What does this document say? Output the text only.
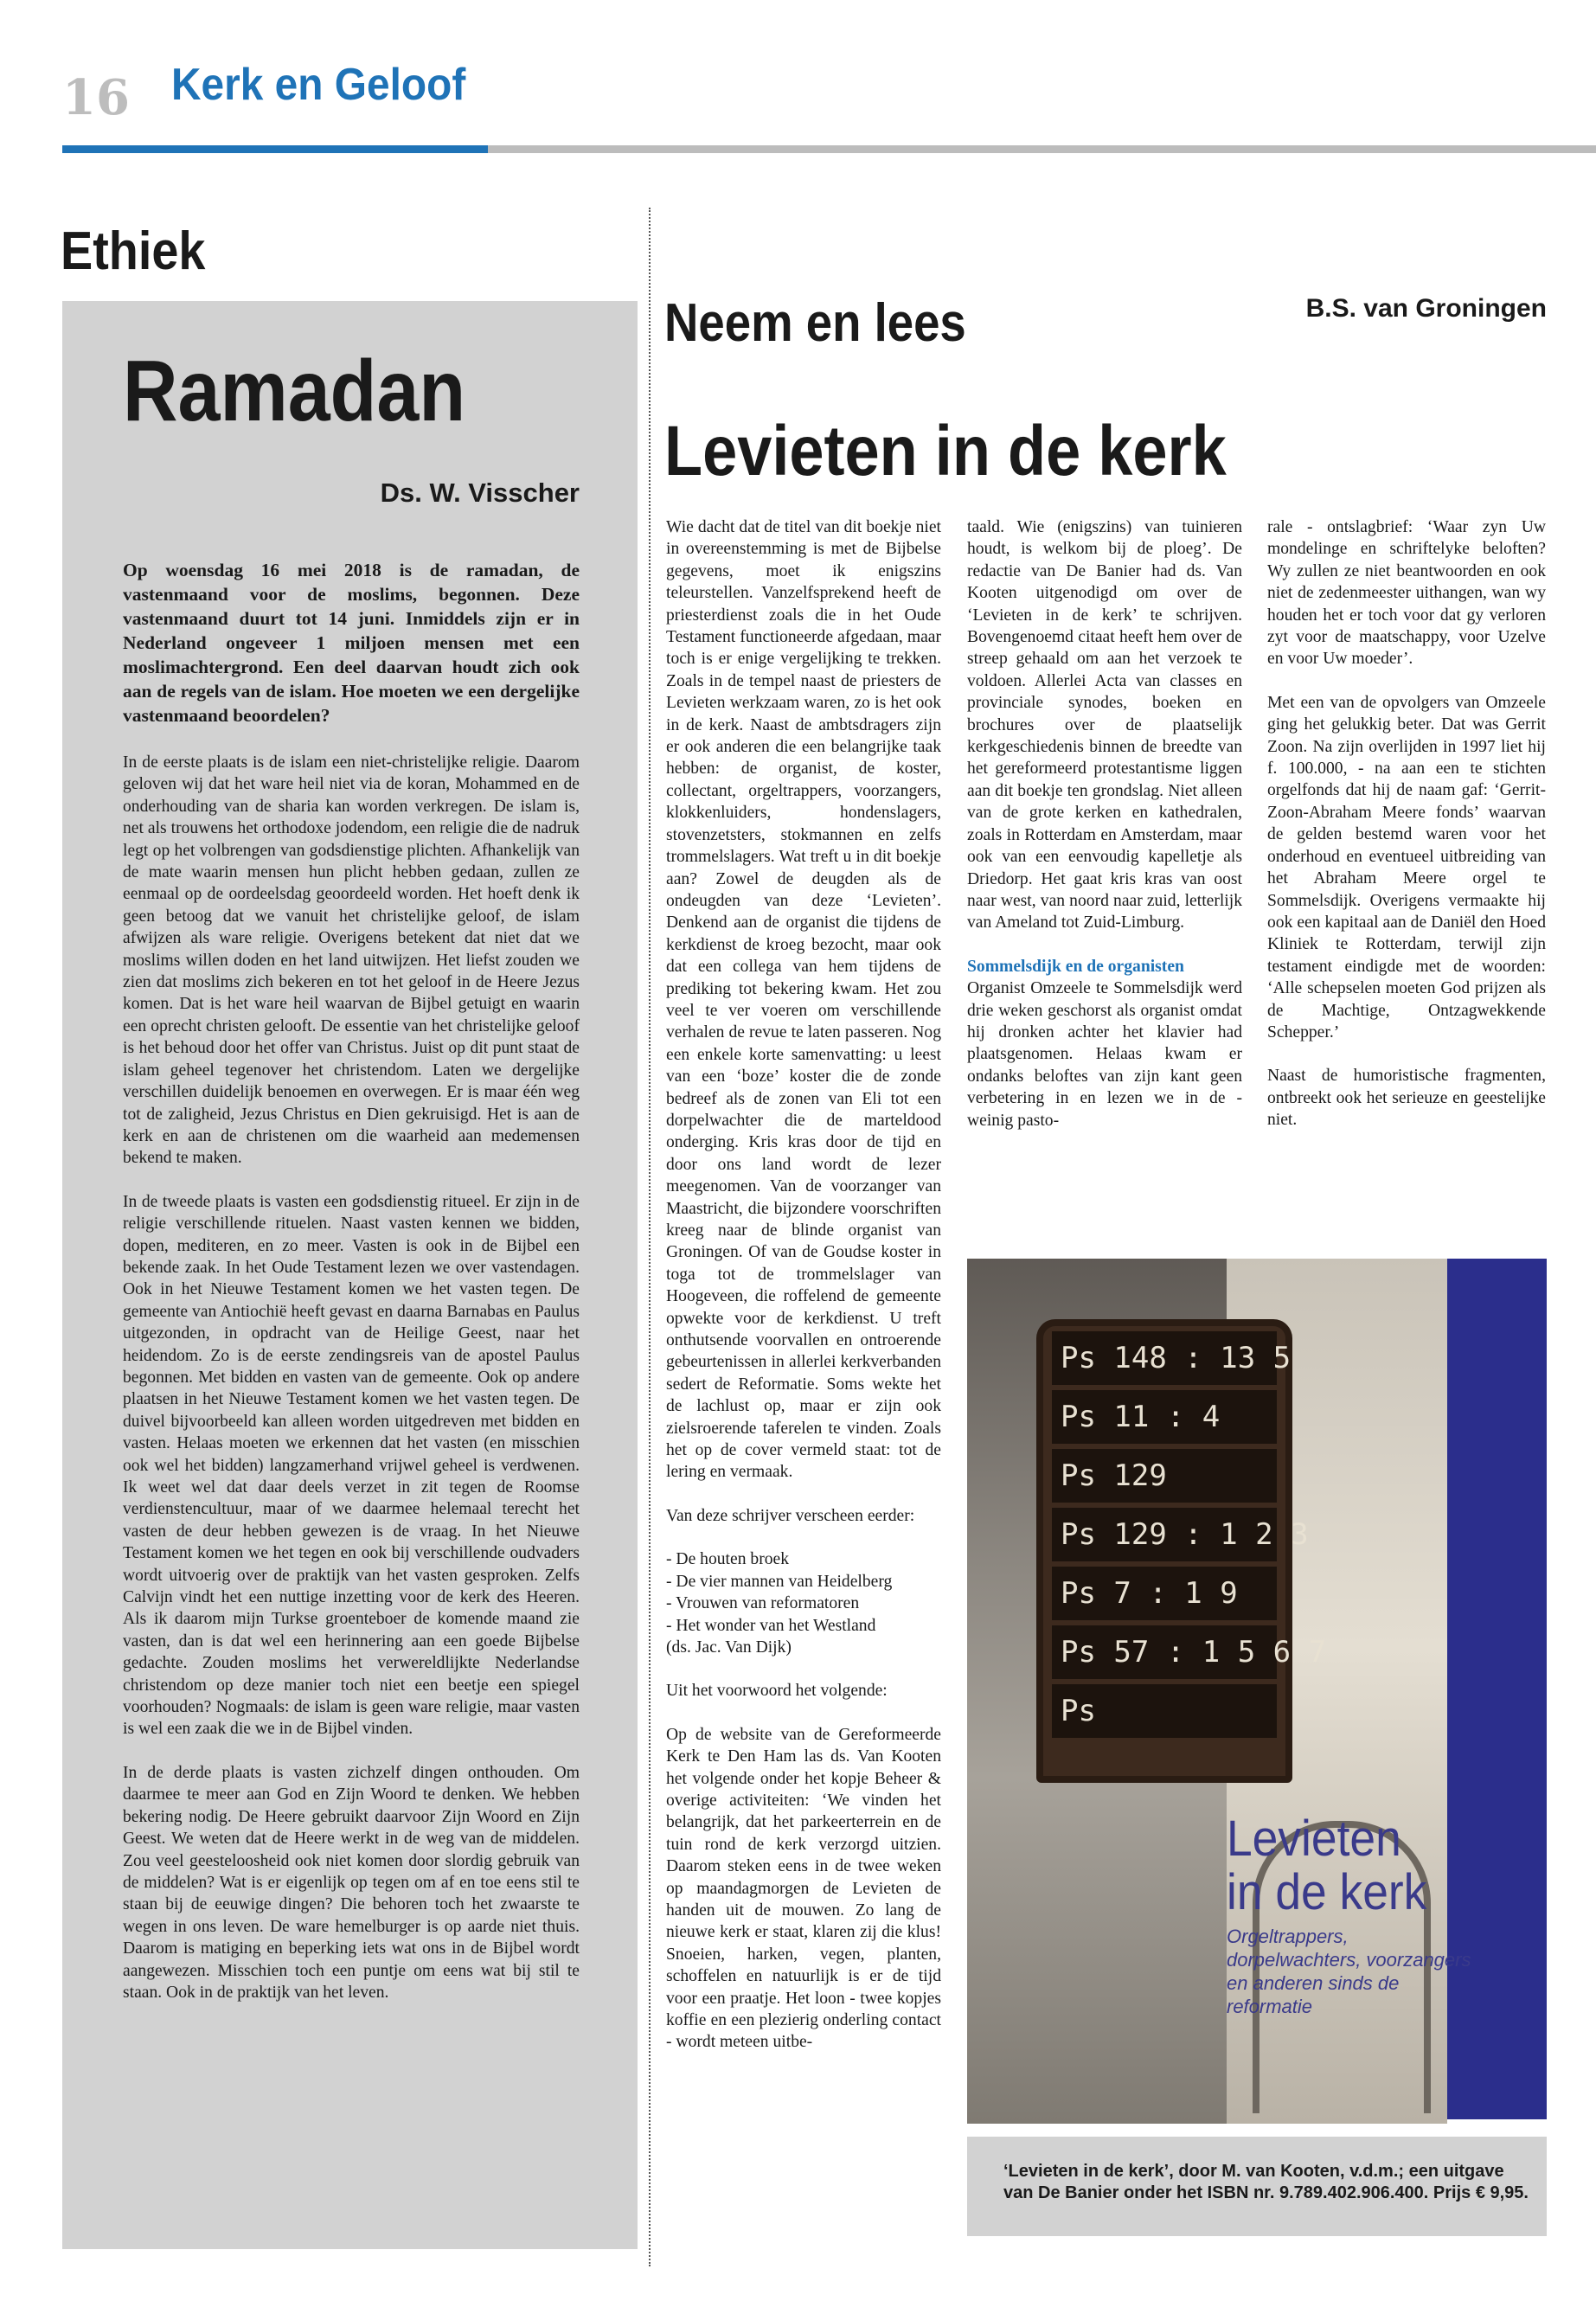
16 Kerk en Geloof
Ethiek
Ramadan
Ds. W. Visscher

Op woensdag 16 mei 2018 is de ramadan, de vastenmaand voor de moslims, begonnen. Deze vastenmaand duurt tot 14 juni. Inmiddels zijn er in Nederland ongeveer 1 miljoen mensen met een moslimachtergrond. Een deel daarvan houdt zich ook aan de regels van de islam. Hoe moeten we een dergelijke vastenmaand beoordelen?

In de eerste plaats is de islam een niet-christelijke religie. Daarom geloven wij dat het ware heil niet via de koran, Mohammed en de onderhouding van de sharia kan worden verkregen. De islam is, net als trouwens het orthodoxe jodendom, een religie die de nadruk legt op het volbrengen van godsdienstige plichten. Afhankelijk van de mate waarin mensen hun plicht hebben gedaan, zullen ze eenmaal op de oordeelsdag geoordeeld worden. Het hoeft denk ik geen betoog dat we vanuit het christelijke geloof, de islam afwijzen als ware religie. Overigens betekent dat niet dat we moslims willen doden en het land uitwijzen. Het liefst zouden we zien dat moslims zich bekeren en tot het geloof in de Heere Jezus komen. Dat is het ware heil waarvan de Bijbel getuigt en waarin een oprecht christen gelooft. De essentie van het christelijke geloof is het behoud door het offer van Christus. Juist op dit punt staat de islam geheel tegenover het christendom. Laten we dergelijke verschillen duidelijk benoemen en overwegen. Er is maar één weg tot de zaligheid, Jezus Christus en Dien gekruisigd. Het is aan de kerk en aan de christenen om die waarheid aan medemensen bekend te maken.

In de tweede plaats is vasten een godsdienstig ritueel. Er zijn in de religie verschillende rituelen. Naast vasten kennen we bidden, dopen, mediteren, en zo meer. Vasten is ook in de Bijbel een bekende zaak. In het Oude Testament lezen we over vastendagen. Ook in het Nieuwe Testament komen we het vasten tegen. De gemeente van Antiochië heeft gevast en daarna Barnabas en Paulus uitgezonden, in opdracht van de Heilige Geest, naar het heidendom. Zo is de eerste zendingsreis van de apostel Paulus begonnen. Met bidden en vasten van de gemeente. Ook op andere plaatsen in het Nieuwe Testament komen we het vasten tegen. De duivel bijvoorbeeld kan alleen worden uitgedreven met bidden en vasten. Helaas moeten we erkennen dat het vasten (en misschien ook wel het bidden) langzamerhand vrijwel geheel is verdwenen. Ik weet wel dat daar deels verzet in zit tegen de Roomse verdienstencultuur, maar of we daarmee helemaal terecht het vasten de deur hebben gewezen is de vraag. In het Nieuwe Testament komen we het tegen en ook bij verschillende oudvaders wordt uitvoerig over de praktijk van het vasten gesproken. Zelfs Calvijn vindt het een nuttige inzetting voor de kerk des Heeren. Als ik daarom mijn Turkse groenteboer de komende maand zie vasten, dan is dat wel een herinnering aan een goede Bijbelse gedachte. Zouden moslims het verwereldlijkte Nederlandse christendom op deze manier toch niet een beetje een spiegel voorhouden? Nogmaals: de islam is geen ware religie, maar vasten is wel een zaak die we in de Bijbel vinden.

In de derde plaats is vasten zichzelf dingen onthouden. Om daarmee te meer aan God en Zijn Woord te denken. We hebben bekering nodig. De Heere gebruikt daarvoor Zijn Woord en Zijn Geest. We weten dat de Heere werkt in de weg van de middelen. Zou veel geesteloosheid ook niet komen door slordig gebruik van de middelen? Wat is er eigenlijk op tegen om af en toe eens stil te staan bij de eeuwige dingen? Die behoren toch het zwaarste te wegen in ons leven. De ware hemelburger is op aarde niet thuis. Daarom is matiging en beperking iets wat ons in de Bijbel wordt aangewezen. Misschien toch een puntje om eens wat bij stil te staan. Ook in de praktijk van het leven.

Neem en lees	B.S. van Groningen
Levieten in de kerk

Wie dacht dat de titel van dit boekje niet in overeenstemming is met de Bijbelse gegevens, moet ik enigszins teleurstellen. Vanzelfsprekend heeft de priesterdienst zoals die in het Oude Testament functioneerde afgedaan, maar toch is er enige vergelijking te trekken. Zoals in de tempel naast de priesters de Levieten werkzaam waren, zo is het ook in de kerk. Naast de ambtsdragers zijn er ook anderen die een belangrijke taak hebben: de organist, de koster, collectant, orgeltrappers, voorzangers, klokkenluiders, hondenslagers, stovenzetsters, stokmannen en zelfs trommelslagers. Wat treft u in dit boekje aan? Zowel de deugden als de ondeugden van deze ‘Levieten’. Denkend aan de organist die tijdens de kerkdienst de kroeg bezocht, maar ook dat een collega van hem tijdens de prediking tot bekering kwam. Het zou veel te ver voeren om verschillende verhalen de revue te laten passeren. Nog een enkele korte samenvatting: u leest van een ‘boze’ koster die de zonde bedreef als de zonen van Eli tot een dorpelwachter die de marteldood onderging. Kris kras door de tijd en door ons land wordt de lezer meegenomen. Van de voorzanger van Maastricht, die bijzondere voorschriften kreeg naar de blinde organist van Groningen. Of van de Goudse koster in toga tot de trommelslager van Hoogeveen, die roffelend de gemeente opwekte voor de kerkdienst. U treft onthutsende voorvallen en ontroerende gebeurtenissen in allerlei kerkverbanden sedert de Reformatie. Soms wekte het de lachlust op, maar er zijn ook zielsroerende taferelen te vinden. Zoals het op de cover vermeld staat: tot de lering en vermaak.

Van deze schrijver verscheen eerder:

- De houten broek
- De vier mannen van Heidelberg
- Vrouwen van reformatoren
- Het wonder van het Westland
(ds. Jac. Van Dijk)

Uit het voorwoord het volgende:

Op de website van de Gereformeerde Kerk te Den Ham las ds. Van Kooten het volgende onder het kopje Beheer & overige activiteiten: ‘We vinden het belangrijk, dat het parkeerterrein en de tuin rond de kerk verzorgd uitzien. Daarom steken eens in de twee weken op maandagmorgen de Levieten de handen uit de mouwen. Zo lang de nieuwe kerk er staat, klaren zij die klus! Snoeien, harken, vegen, planten, schoffelen en natuurlijk is er de tijd voor een praatje. Het loon - twee kopjes koffie en een plezierig onderling contact - wordt meteen uitbe-

taald. Wie (enigszins) van tuinieren houdt, is welkom bij de ploeg’. De redactie van De Banier had ds. Van Kooten uitgenodigd om over de ‘Levieten in de kerk’ te schrijven. Bovengenoemd citaat heeft hem over de streep gehaald om aan het verzoek te voldoen. Allerlei Acta van classes en provinciale synodes, boeken en brochures over de plaatselijk kerkgeschiedenis binnen de breedte van het gereformeerd protestantisme liggen aan dit boekje ten grondslag. Niet alleen van de grote kerken en kathedralen, zoals in Rotterdam en Amsterdam, maar ook van een eenvoudig kapelletje als Driedorp. Het gaat kris kras van oost naar west, van noord naar zuid, letterlijk van Ameland tot Zuid-Limburg.

Sommelsdijk en de organisten

Organist Omzeele te Sommelsdijk werd drie weken geschorst als organist omdat hij dronken achter het klavier had plaatsgenomen. Helaas kwam er ondanks beloftes van zijn kant geen verbetering in en lezen we in de - weinig pasto-

rale - ontslagbrief: ‘Waar zyn Uw mondelinge en schriftelyke beloften? Wy zullen ze niet beantwoorden en ook niet de zedenmeester uithangen, wan wy houden het er toch voor dat gy verloren zyt voor de maatschappy, voor Uzelve en voor Uw moeder’.

Met een van de opvolgers van Omzeele ging het gelukkig beter. Dat was Gerrit Zoon. Na zijn overlijden in 1997 liet hij f. 100.000, - na aan een te stichten orgelfonds dat hij de naam gaf: ‘Gerrit-Zoon-Abraham Meere fonds’ waarvan de gelden bestemd waren voor het onderhoud en eventueel uitbreiding van het Abraham Meere orgel te Sommelsdijk. Overigens vermaakte hij ook een kapitaal aan de Daniël den Hoed Kliniek te Rotterdam, terwijl zijn testament eindigde met de woorden: ‘Alle schepselen moeten God prijzen als de Machtige, Ontzagwekkende Schepper.’

Naast de humoristische fragmenten, ontbreekt ook het serieuze en geestelijke niet.

Ps 148 : 13 5
Ps 11 : 4
Ps 129
Ps 129 : 1 2 3
Ps 7 : 1 9
Ps 57 : 1 5 6 7
Ps
Levieten
in de kerk
Orgeltrappers, dorpelwachters, voorzangers en anderen sinds de reformatie
‘Levieten in de kerk’, door M. van Kooten, v.d.m.; een uitgave van De Banier onder het ISBN nr. 9.789.402.906.400. Prijs € 9,95.
